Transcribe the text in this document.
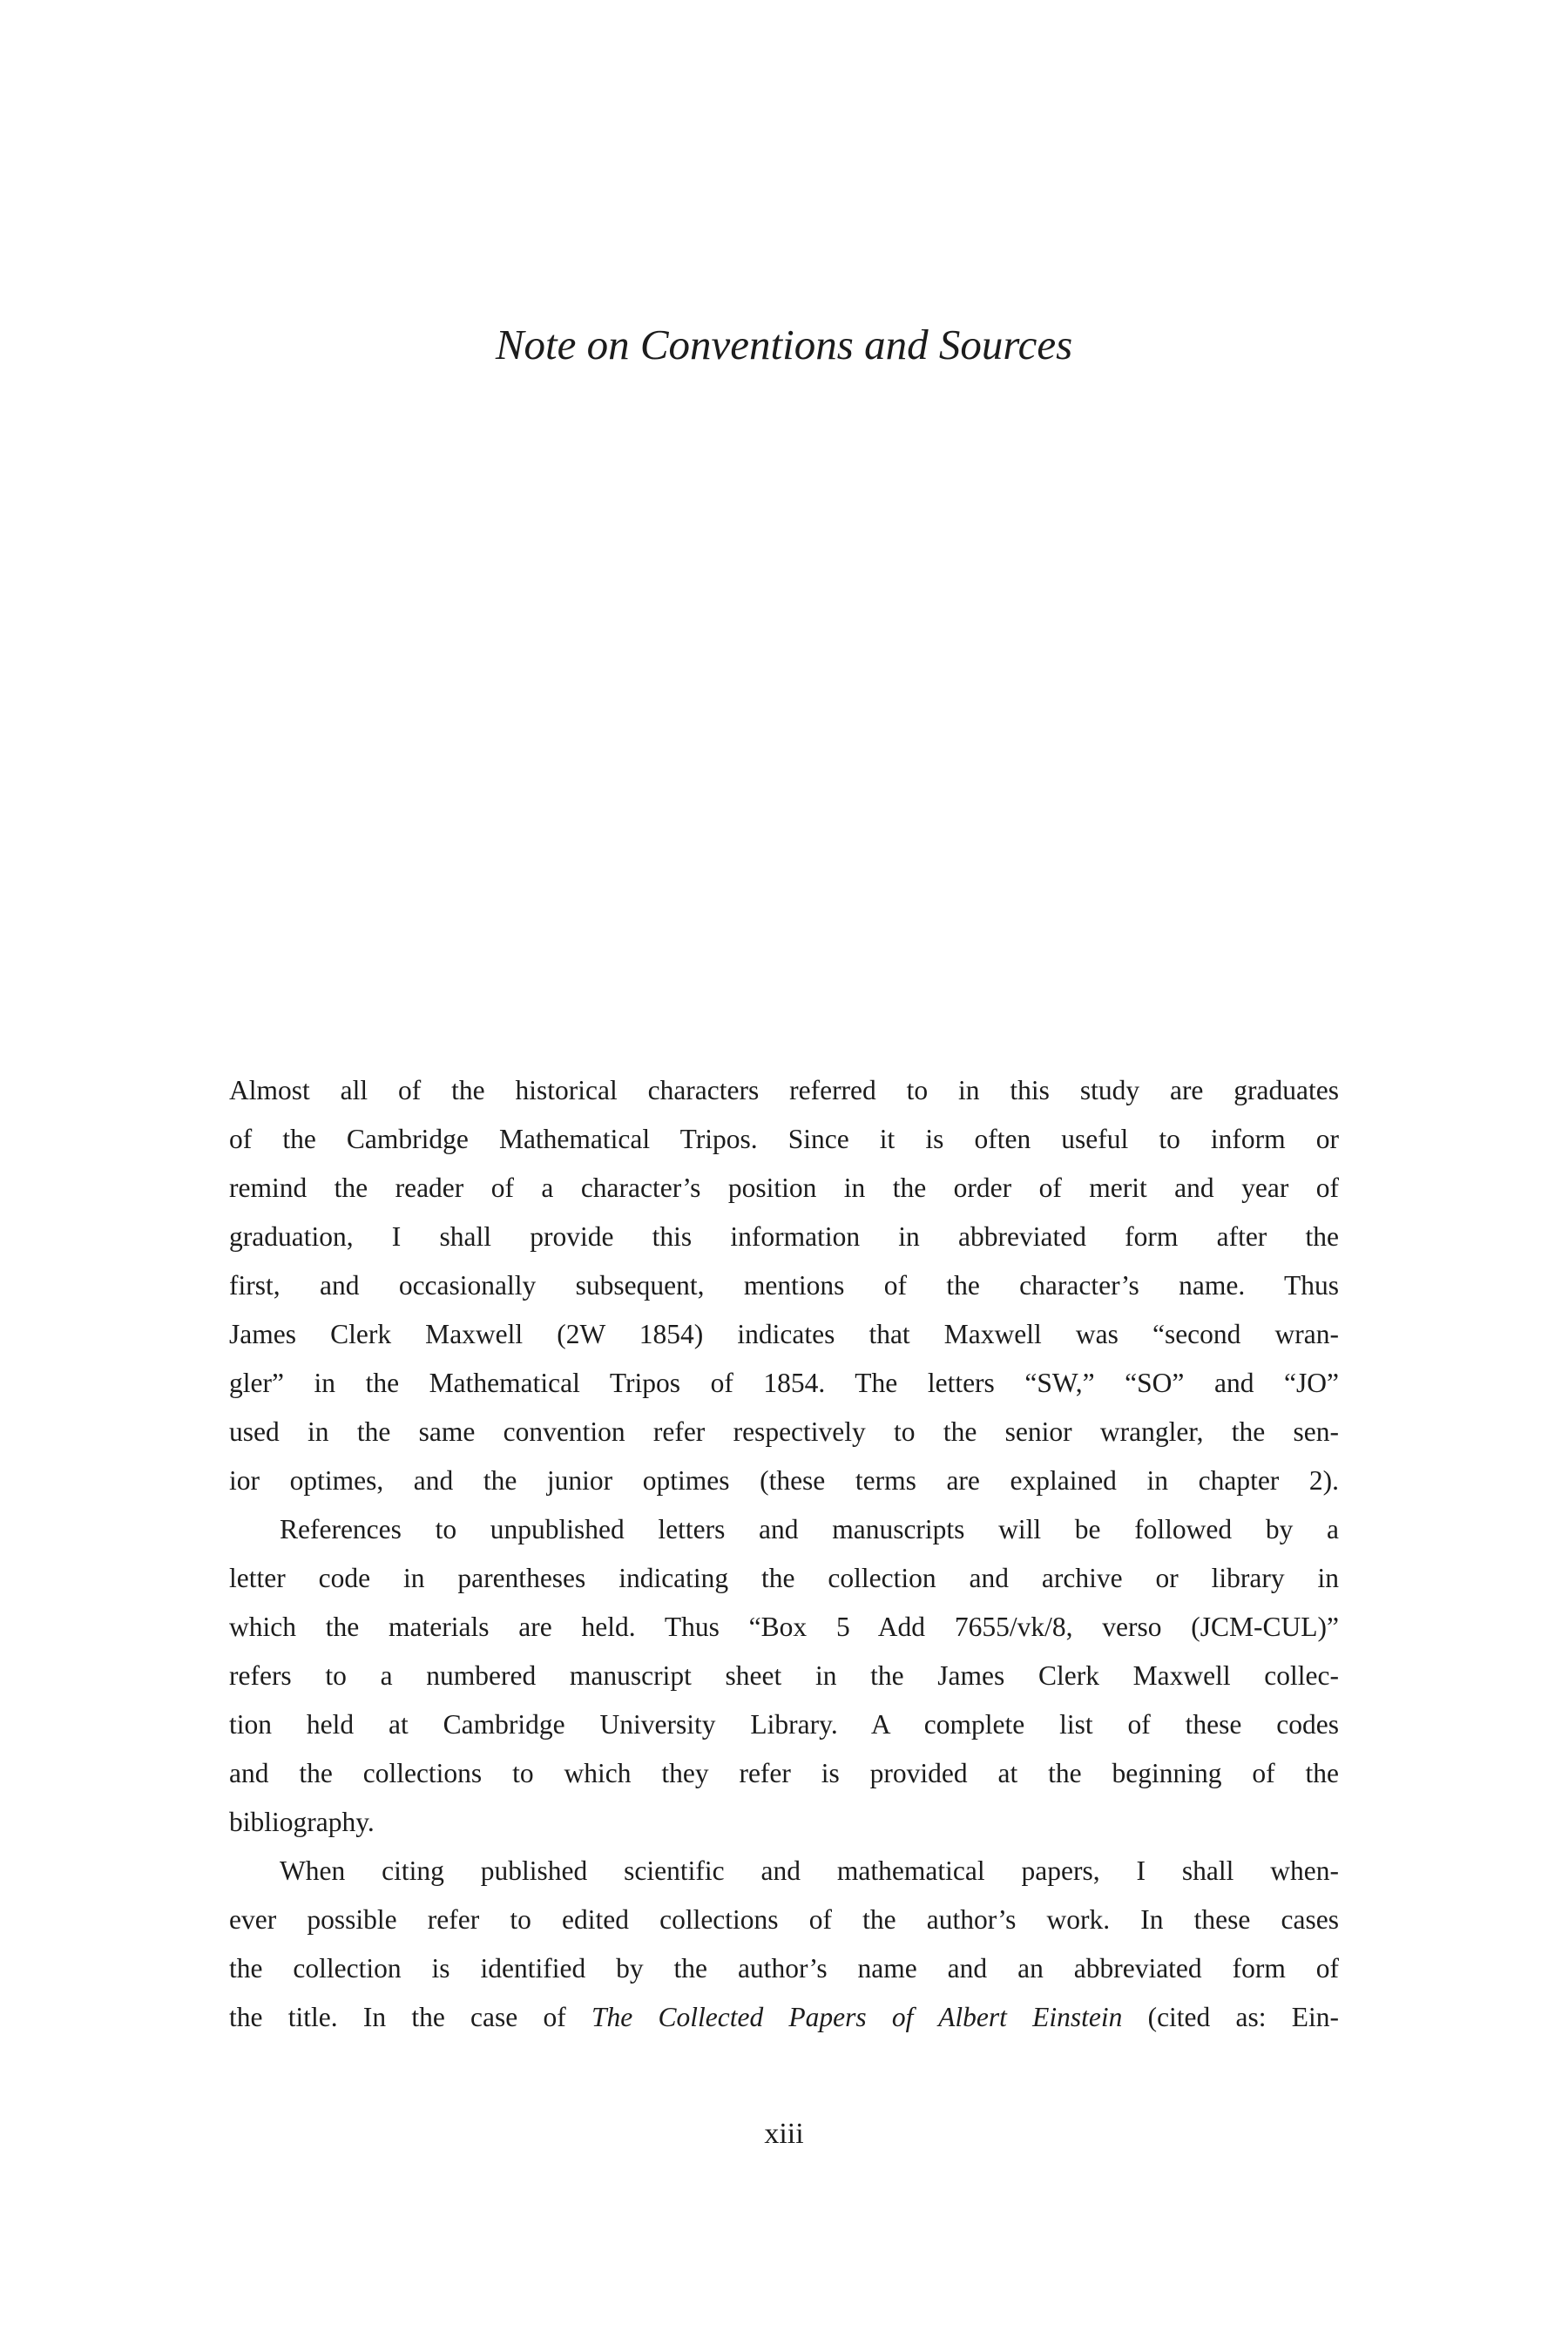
Note on Conventions and Sources
Almost all of the historical characters referred to in this study are graduates
of the Cambridge Mathematical Tripos. Since it is often useful to inform or
remind the reader of a character’s position in the order of merit and year of
graduation, I shall provide this information in abbreviated form after the
first, and occasionally subsequent, mentions of the character’s name. Thus
James Clerk Maxwell (2W 1854) indicates that Maxwell was “second wran-
gler” in the Mathematical Tripos of 1854. The letters “SW,” “SO” and “JO”
used in the same convention refer respectively to the senior wrangler, the sen-
ior optimes, and the junior optimes (these terms are explained in chapter 2).
References to unpublished letters and manuscripts will be followed by a
letter code in parentheses indicating the collection and archive or library in
which the materials are held. Thus “Box 5 Add 7655/vk/8, verso (JCM-CUL)”
refers to a numbered manuscript sheet in the James Clerk Maxwell collec-
tion held at Cambridge University Library. A complete list of these codes
and the collections to which they refer is provided at the beginning of the
bibliography.
When citing published scientific and mathematical papers, I shall when-
ever possible refer to edited collections of the author’s work. In these cases
the collection is identified by the author’s name and an abbreviated form of
the title. In the case of The Collected Papers of Albert Einstein (cited as: Ein-
xiii
